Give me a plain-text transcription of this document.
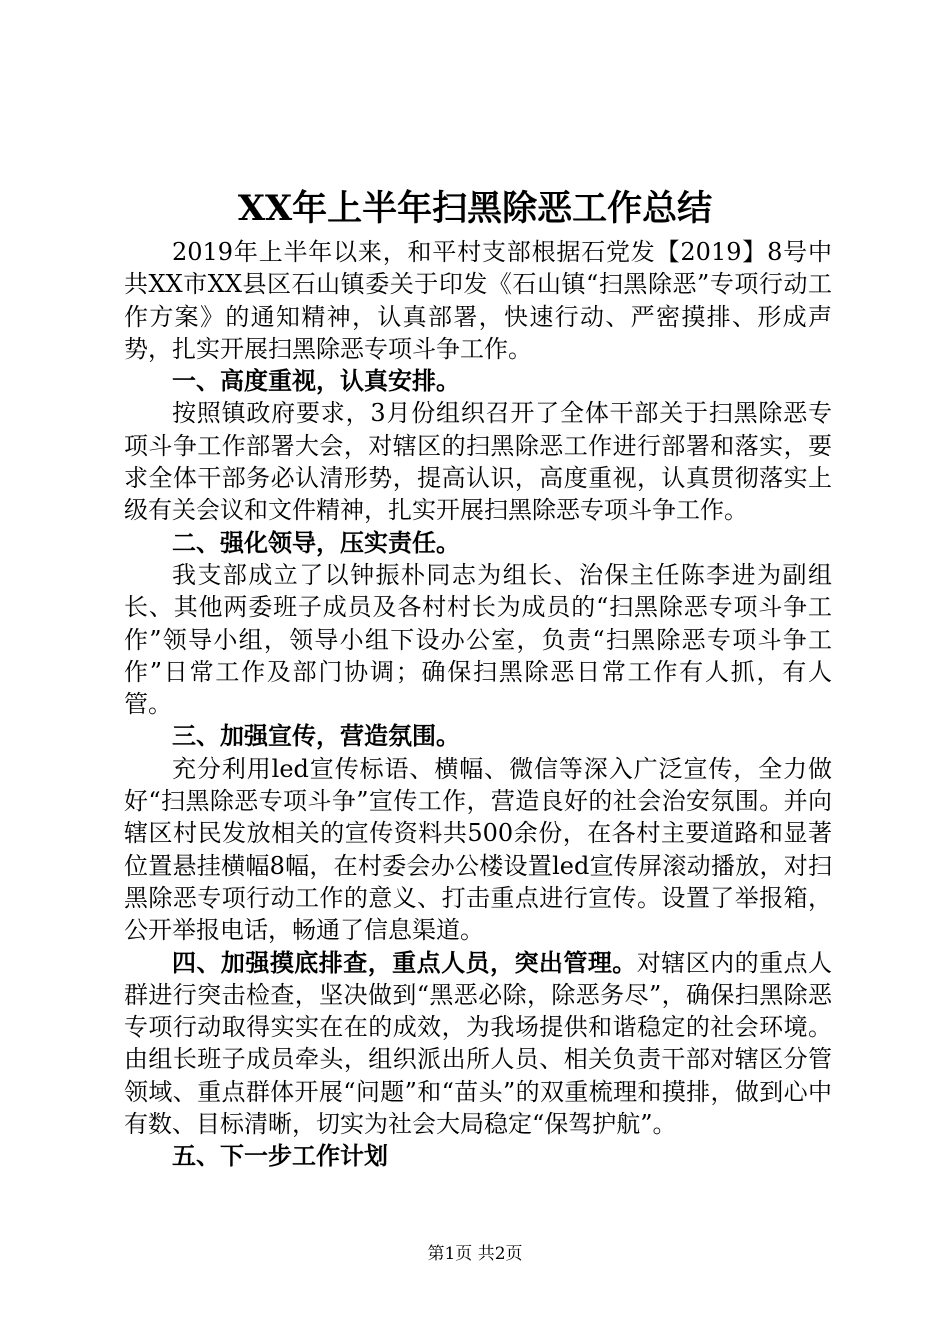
XX年上半年扫黑除恶工作总结

2019年上半年以来，和平村支部根据石党发【2019】8号中共XX市XX县区石山镇委关于印发《石山镇“扫黑除恶”专项行动工作方案》的通知精神，认真部署，快速行动、严密摸排、形成声势，扎实开展扫黑除恶专项斗争工作。

一、高度重视，认真安排。

按照镇政府要求，3月份组织召开了全体干部关于扫黑除恶专项斗争工作部署大会，对辖区的扫黑除恶工作进行部署和落实，要求全体干部务必认清形势，提高认识，高度重视，认真贯彻落实上级有关会议和文件精神，扎实开展扫黑除恶专项斗争工作。

二、强化领导，压实责任。

我支部成立了以钟振朴同志为组长、治保主任陈李进为副组长、其他两委班子成员及各村村长为成员的“扫黑除恶专项斗争工作”领导小组，领导小组下设办公室，负责“扫黑除恶专项斗争工作”日常工作及部门协调；确保扫黑除恶日常工作有人抓，有人管。

三、加强宣传，营造氛围。

充分利用led宣传标语、横幅、微信等深入广泛宣传，全力做好“扫黑除恶专项斗争”宣传工作，营造良好的社会治安氛围。并向辖区村民发放相关的宣传资料共500余份，在各村主要道路和显著位置悬挂横幅8幅，在村委会办公楼设置led宣传屏滚动播放，对扫黑除恶专项行动工作的意义、打击重点进行宣传。设置了举报箱，公开举报电话，畅通了信息渠道。

四、加强摸底排查，重点人员，突出管理。对辖区内的重点人群进行突击检查，坚决做到“黑恶必除，除恶务尽”，确保扫黑除恶专项行动取得实实在在的成效，为我场提供和谐稳定的社会环境。由组长班子成员牵头，组织派出所人员、相关负责干部对辖区分管领域、重点群体开展“问题”和“苗头”的双重梳理和摸排，做到心中有数、目标清晰，切实为社会大局稳定“保驾护航”。

五、下一步工作计划

第1页 共2页
